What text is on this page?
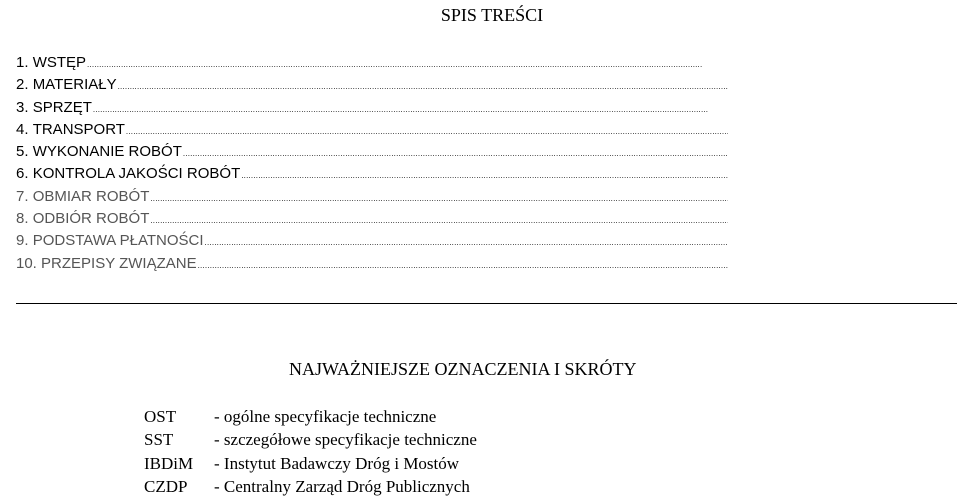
SPIS TREŚCI
1.
WSTĘP
.....
2.
MATERIAŁY
.....
3.
SPRZĘT
.....
4.
TRANSPORT
.....
5.
WYKONANIE ROBÓT
.....
6.
KONTROLA JAKOŚCI ROBÓT
.....
7.
OBMIAR ROBÓT
.....
8.
ODBIÓR ROBÓT
.....
9.
PODSTAWA PŁATNOŚCI
.....
10.
PRZEPISY ZWIĄZANE
.....
NAJWAŻNIEJSZE OZNACZENIA I SKRÓTY
OST	- ogólne specyfikacje techniczne
SST	- szczegółowe specyfikacje techniczne
IBDiM	- Instytut Badawczy Dróg i Mostów
CZDP	- Centralny Zarząd Dróg Publicznych
